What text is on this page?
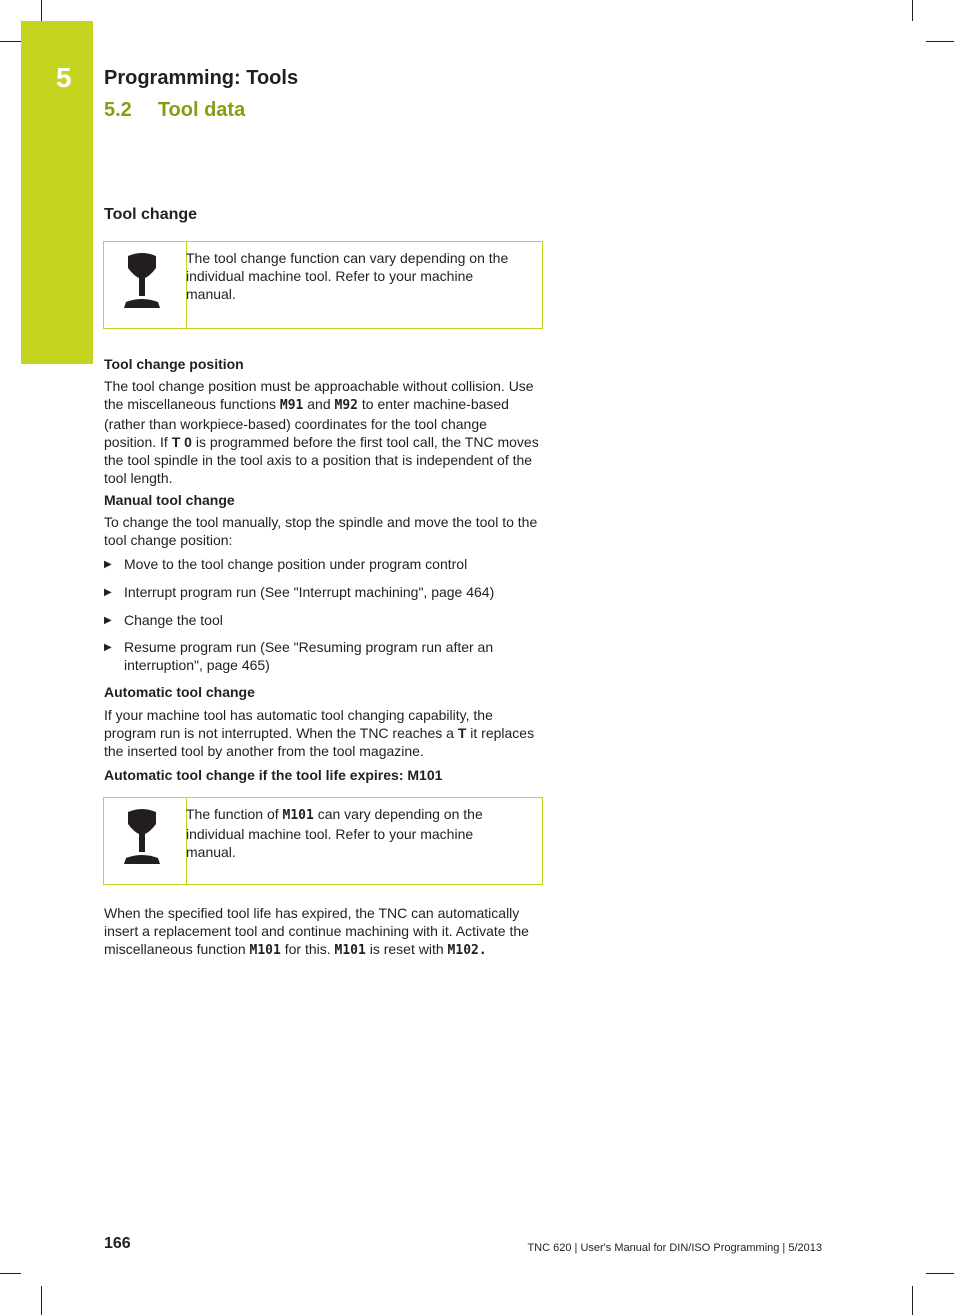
5 Programming: Tools
5.2 Tool data
Tool change
The tool change function can vary depending on the individual machine tool. Refer to your machine manual.
Tool change position
The tool change position must be approachable without collision. Use the miscellaneous functions M91 and M92 to enter machine-based (rather than workpiece-based) coordinates for the tool change position. If T 0 is programmed before the first tool call, the TNC moves the tool spindle in the tool axis to a position that is independent of the tool length.
Manual tool change
To change the tool manually, stop the spindle and move the tool to the tool change position:
▶ Move to the tool change position under program control
▶ Interrupt program run (See "Interrupt machining", page 464)
▶ Change the tool
▶ Resume program run (See "Resuming program run after an interruption", page 465)
Automatic tool change
If your machine tool has automatic tool changing capability, the program run is not interrupted. When the TNC reaches a T it replaces the inserted tool by another from the tool magazine.
Automatic tool change if the tool life expires: M101
The function of M101 can vary depending on the individual machine tool. Refer to your machine manual.
When the specified tool life has expired, the TNC can automatically insert a replacement tool and continue machining with it. Activate the miscellaneous function M101 for this. M101 is reset with M102.
166	TNC 620 | User's Manual for DIN/ISO Programming | 5/2013
